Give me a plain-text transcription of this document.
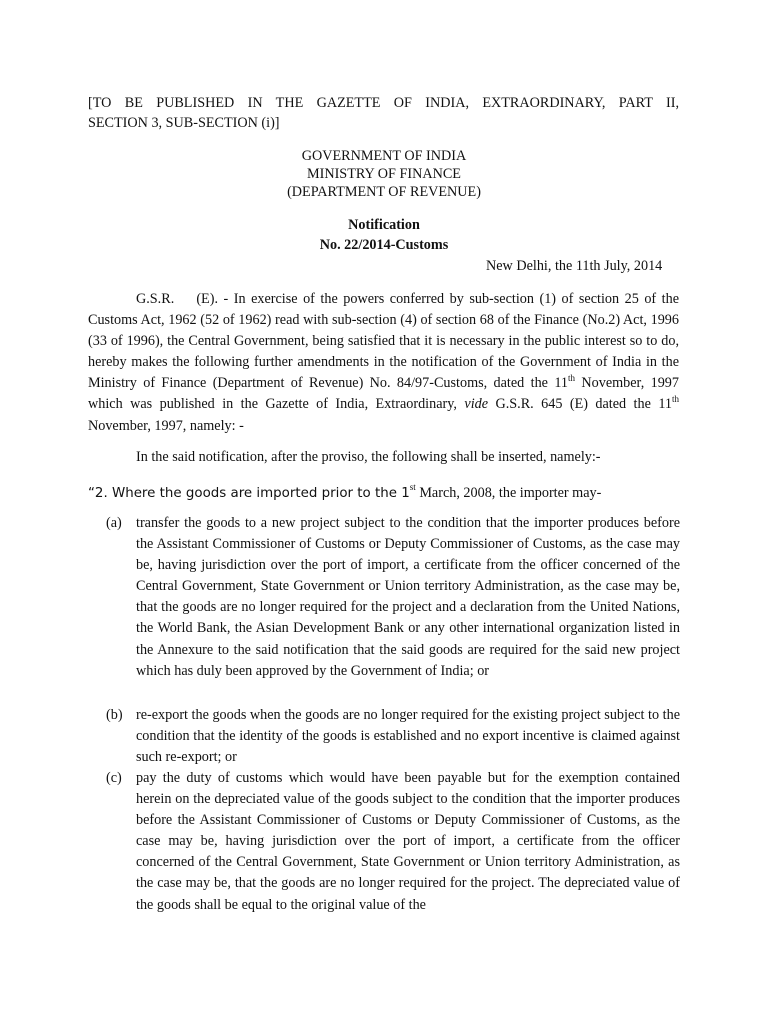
[TO BE PUBLISHED IN THE GAZETTE OF INDIA, EXTRAORDINARY, PART II,
SECTION 3, SUB-SECTION (i)]
GOVERNMENT OF INDIA
MINISTRY OF FINANCE
(DEPARTMENT OF REVENUE)
Notification
No. 22/2014-Customs
New Delhi, the 11th July, 2014
G.S.R.    (E). - In exercise of the powers conferred by sub-section (1) of section 25 of the Customs Act, 1962 (52 of 1962) read with sub-section (4) of section 68 of the Finance (No.2) Act, 1996 (33 of 1996), the Central Government, being satisfied that it is necessary in the public interest so to do, hereby makes the following further amendments in the notification of the Government of India in the Ministry of Finance (Department of Revenue) No. 84/97-Customs, dated the 11th November, 1997 which was published in the Gazette of India, Extraordinary, vide G.S.R. 645 (E) dated the 11th November, 1997, namely: -
In the said notification, after the proviso, the following shall be inserted, namely:-
“2. Where the goods are imported prior to the 1st March, 2008, the importer may-
(a)	transfer the goods to a new project subject to the condition that the importer produces before the Assistant Commissioner of Customs or Deputy Commissioner of Customs, as the case may be, having jurisdiction over the port of import, a certificate from the officer concerned of the Central Government, State Government or Union territory Administration, as the case may be, that the goods are no longer required for the project and a declaration from the United Nations, the World Bank, the Asian Development Bank or any other international organization listed in the Annexure to the said notification that the said goods are required for the said new project which has duly been approved by the Government of India; or
(b) re-export the goods when the goods are no longer required for the existing project subject to the condition that the identity of the goods is established and no export incentive is claimed against such re-export; or
(c)	pay the duty of customs which would have been payable but for the exemption contained herein on the depreciated value of the goods subject to the condition that the importer produces before the Assistant Commissioner of Customs or Deputy Commissioner of Customs, as the case may be, having jurisdiction over the port of import, a certificate from the officer concerned of the Central Government, State Government or Union territory Administration, as the case may be, that the goods are no longer required for the project. The depreciated value of the goods shall be equal to the original value of the
